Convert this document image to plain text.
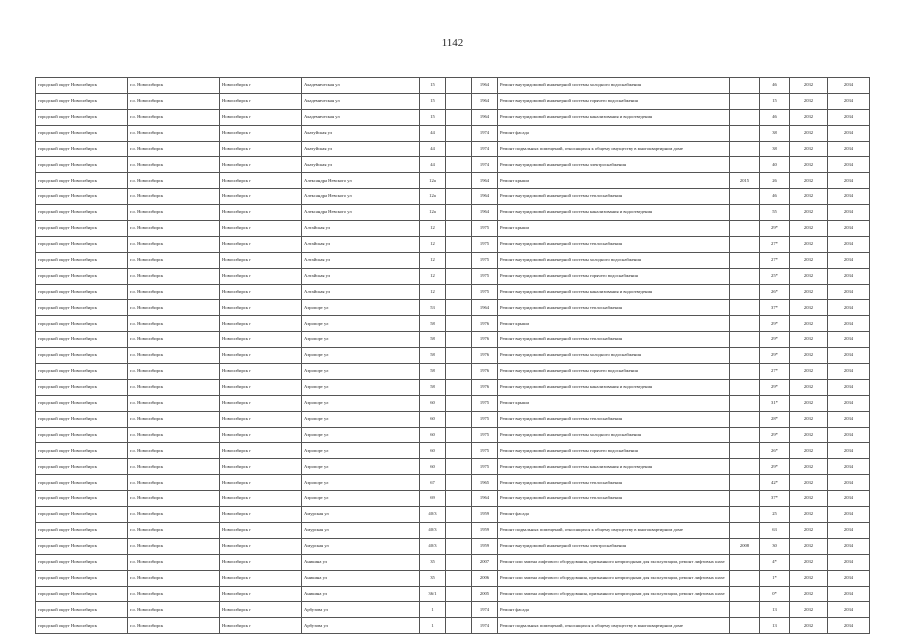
1142
городской округ Новосибирск	г.о. Новосибирск	Новосибирск г	Академическая ул	15		1964	Ремонт внутридомовой инженерной системы холодного водоснабжения		46	2032	2034
городской округ Новосибирск	г.о. Новосибирск	Новосибирск г	Академическая ул	15		1964	Ремонт внутридомовой инженерной системы горячего водоснабжения		15	2032	2034
городской округ Новосибирск	г.о. Новосибирск	Новосибирск г	Академическая ул	15		1964	Ремонт внутридомовой инженерной системы канализования и водоотведения		46	2032	2034
городской округ Новосибирск	г.о. Новосибирск	Новосибирск г	Акатуйская ул	44		1974	Ремонт фасада		38	2032	2034
городской округ Новосибирск	г.о. Новосибирск	Новосибирск г	Акатуйская ул	44		1974	Ремонт подвальных помещений, относящихся к общему имуществу в многоквартирном доме		38	2032	2034
городской округ Новосибирск	г.о. Новосибирск	Новосибирск г	Акатуйская ул	44		1974	Ремонт внутридомовой инженерной системы электроснабжения		40	2032	2034
городской округ Новосибирск	г.о. Новосибирск	Новосибирск г	Александра Невского ул	12а		1964	Ремонт крыши	2015	26	2032	2034
городской округ Новосибирск	г.о. Новосибирск	Новосибирск г	Александра Невского ул	12а		1964	Ремонт внутридомовой инженерной системы теплоснабжения		46	2032	2034
городской округ Новосибирск	г.о. Новосибирск	Новосибирск г	Александра Невского ул	12а		1964	Ремонт внутридомовой инженерной системы канализования и водоотведения		55	2032	2034
городской округ Новосибирск	г.о. Новосибирск	Новосибирск г	Алтайская ул	12		1975	Ремонт крыши		29*	2032	2034
городской округ Новосибирск	г.о. Новосибирск	Новосибирск г	Алтайская ул	12		1975	Ремонт внутридомовой инженерной системы теплоснабжения		27*	2032	2034
городской округ Новосибирск	г.о. Новосибирск	Новосибирск г	Алтайская ул	12		1975	Ремонт внутридомовой инженерной системы холодного водоснабжения		27*	2032	2034
городской округ Новосибирск	г.о. Новосибирск	Новосибирск г	Алтайская ул	12		1975	Ремонт внутридомовой инженерной системы горячего водоснабжения		25*	2032	2034
городской округ Новосибирск	г.о. Новосибирск	Новосибирск г	Алтайская ул	12		1975	Ремонт внутридомовой инженерной системы канализования и водоотведения		26*	2032	2034
городской округ Новосибирск	г.о. Новосибирск	Новосибирск г	Аэропорт ул	53		1964	Ремонт внутридомовой инженерной системы теплоснабжения		37*	2032	2034
городской округ Новосибирск	г.о. Новосибирск	Новосибирск г	Аэропорт ул	58		1976	Ремонт крыши		29*	2032	2034
городской округ Новосибирск	г.о. Новосибирск	Новосибирск г	Аэропорт ул	58		1976	Ремонт внутридомовой инженерной системы теплоснабжения		29*	2032	2034
городской округ Новосибирск	г.о. Новосибирск	Новосибирск г	Аэропорт ул	58		1976	Ремонт внутридомовой инженерной системы холодного водоснабжения		29*	2032	2034
городской округ Новосибирск	г.о. Новосибирск	Новосибирск г	Аэропорт ул	58		1976	Ремонт внутридомовой инженерной системы горячего водоснабжения		27*	2032	2034
городской округ Новосибирск	г.о. Новосибирск	Новосибирск г	Аэропорт ул	58		1976	Ремонт внутридомовой инженерной системы канализования и водоотведения		29*	2032	2034
городской округ Новосибирск	г.о. Новосибирск	Новосибирск г	Аэропорт ул	60		1975	Ремонт крыши		31*	2032	2034
городской округ Новосибирск	г.о. Новосибирск	Новосибирск г	Аэропорт ул	60		1975	Ремонт внутридомовой инженерной системы теплоснабжения		28*	2032	2034
городской округ Новосибирск	г.о. Новосибирск	Новосибирск г	Аэропорт ул	60		1975	Ремонт внутридомовой инженерной системы холодного водоснабжения		29*	2032	2034
городской округ Новосибирск	г.о. Новосибирск	Новосибирск г	Аэропорт ул	60		1975	Ремонт внутридомовой инженерной системы горячего водоснабжения		26*	2032	2034
городской округ Новосибирск	г.о. Новосибирск	Новосибирск г	Аэропорт ул	60		1975	Ремонт внутридомовой инженерной системы канализования и водоотведения		29*	2032	2034
городской округ Новосибирск	г.о. Новосибирск	Новосибирск г	Аэропорт ул	67		1965	Ремонт внутридомовой инженерной системы теплоснабжения		42*	2032	2034
городской округ Новосибирск	г.о. Новосибирск	Новосибирск г	Аэропорт ул	69		1964	Ремонт внутридомовой инженерной системы теплоснабжения		37*	2032	2034
городской округ Новосибирск	г.о. Новосибирск	Новосибирск г	Амурская ул	40/3		1959	Ремонт фасада		25	2032	2034
городской округ Новосибирск	г.о. Новосибирск	Новосибирск г	Амурская ул	40/3		1959	Ремонт подвальных помещений, относящихся к общему имуществу в многоквартирном доме		63	2032	2034
городской округ Новосибирск	г.о. Новосибирск	Новосибирск г	Амурская ул	40/3		1959	Ремонт внутридомовой инженерной системы электроснабжения	2008	30	2032	2034
городской округ Новосибирск	г.о. Новосибирск	Новосибирск г	Аникина ул	35		2007	Ремонт или замена лифтового оборудования, признанного непригодным для эксплуатации, ремонт лифтовых шахт		4*	2032	2034
городской округ Новосибирск	г.о. Новосибирск	Новосибирск г	Аникина ул	35		2006	Ремонт или замена лифтового оборудования, признанного непригодным для эксплуатации, ремонт лифтовых шахт		1*	2032	2034
городской округ Новосибирск	г.о. Новосибирск	Новосибирск г	Аникина ул	36/1		2005	Ремонт или замена лифтового оборудования, признанного непригодным для эксплуатации, ремонт лифтовых шахт		0*	2032	2034
городской округ Новосибирск	г.о. Новосибирск	Новосибирск г	Арбузова ул	1		1974	Ремонт фасада		13	2032	2034
городской округ Новосибирск	г.о. Новосибирск	Новосибирск г	Арбузова ул	1		1974	Ремонт подвальных помещений, относящихся к общему имуществу в многоквартирном доме		13	2032	2034
